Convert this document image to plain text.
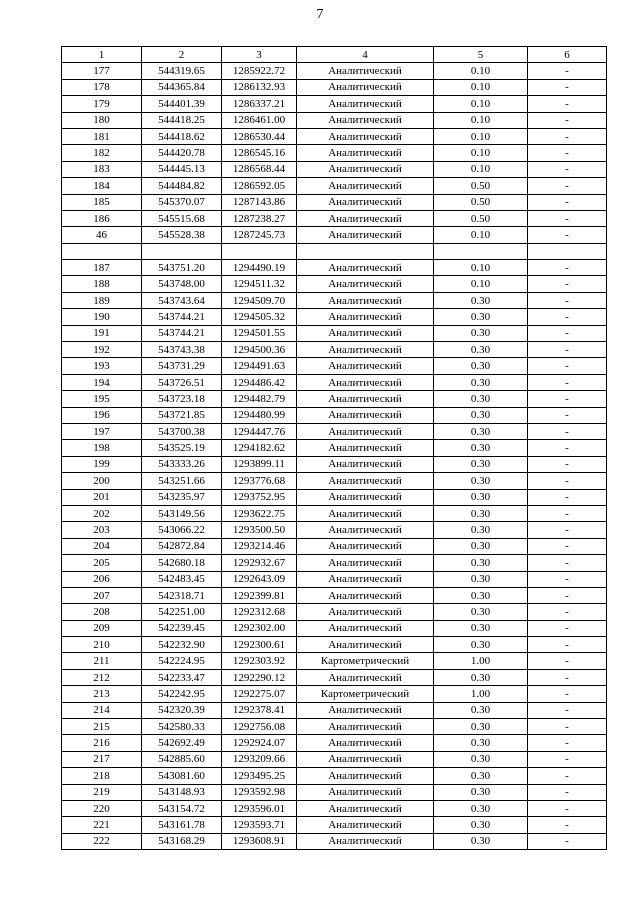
7
1	2	3	4	5	6
177	544319.65	1285922.72	Аналитический	0.10	-
178	544365.84	1286132.93	Аналитический	0.10	-
179	544401.39	1286337.21	Аналитический	0.10	-
180	544418.25	1286461.00	Аналитический	0.10	-
181	544418.62	1286530.44	Аналитический	0.10	-
182	544420.78	1286545.16	Аналитический	0.10	-
183	544445.13	1286568.44	Аналитический	0.10	-
184	544484.82	1286592.05	Аналитический	0.50	-
185	545370.07	1287143.86	Аналитический	0.50	-
186	545515.68	1287238.27	Аналитический	0.50	-
46	545528.38	1287245.73	Аналитический	0.10	-

187	543751.20	1294490.19	Аналитический	0.10	-
188	543748.00	1294511.32	Аналитический	0.10	-
189	543743.64	1294509.70	Аналитический	0.30	-
190	543744.21	1294505.32	Аналитический	0.30	-
191	543744.21	1294501.55	Аналитический	0.30	-
192	543743.38	1294500.36	Аналитический	0.30	-
193	543731.29	1294491.63	Аналитический	0.30	-
194	543726.51	1294486.42	Аналитический	0.30	-
195	543723.18	1294482.79	Аналитический	0.30	-
196	543721.85	1294480.99	Аналитический	0.30	-
197	543700.38	1294447.76	Аналитический	0.30	-
198	543525.19	1294182.62	Аналитический	0.30	-
199	543333.26	1293899.11	Аналитический	0.30	-
200	543251.66	1293776.68	Аналитический	0.30	-
201	543235.97	1293752.95	Аналитический	0.30	-
202	543149.56	1293622.75	Аналитический	0.30	-
203	543066.22	1293500.50	Аналитический	0.30	-
204	542872.84	1293214.46	Аналитический	0.30	-
205	542680.18	1292932.67	Аналитический	0.30	-
206	542483.45	1292643.09	Аналитический	0.30	-
207	542318.71	1292399.81	Аналитический	0.30	-
208	542251.00	1292312.68	Аналитический	0.30	-
209	542239.45	1292302.00	Аналитический	0.30	-
210	542232.90	1292300.61	Аналитический	0.30	-
211	542224.95	1292303.92	Картометрический	1.00	-
212	542233.47	1292290.12	Аналитический	0.30	-
213	542242.95	1292275.07	Картометрический	1.00	-
214	542320.39	1292378.41	Аналитический	0.30	-
215	542580.33	1292756.08	Аналитический	0.30	-
216	542692.49	1292924.07	Аналитический	0.30	-
217	542885.60	1293209.66	Аналитический	0.30	-
218	543081.60	1293495.25	Аналитический	0.30	-
219	543148.93	1293592.98	Аналитический	0.30	-
220	543154.72	1293596.01	Аналитический	0.30	-
221	543161.78	1293593.71	Аналитический	0.30	-
222	543168.29	1293608.91	Аналитический	0.30	-
